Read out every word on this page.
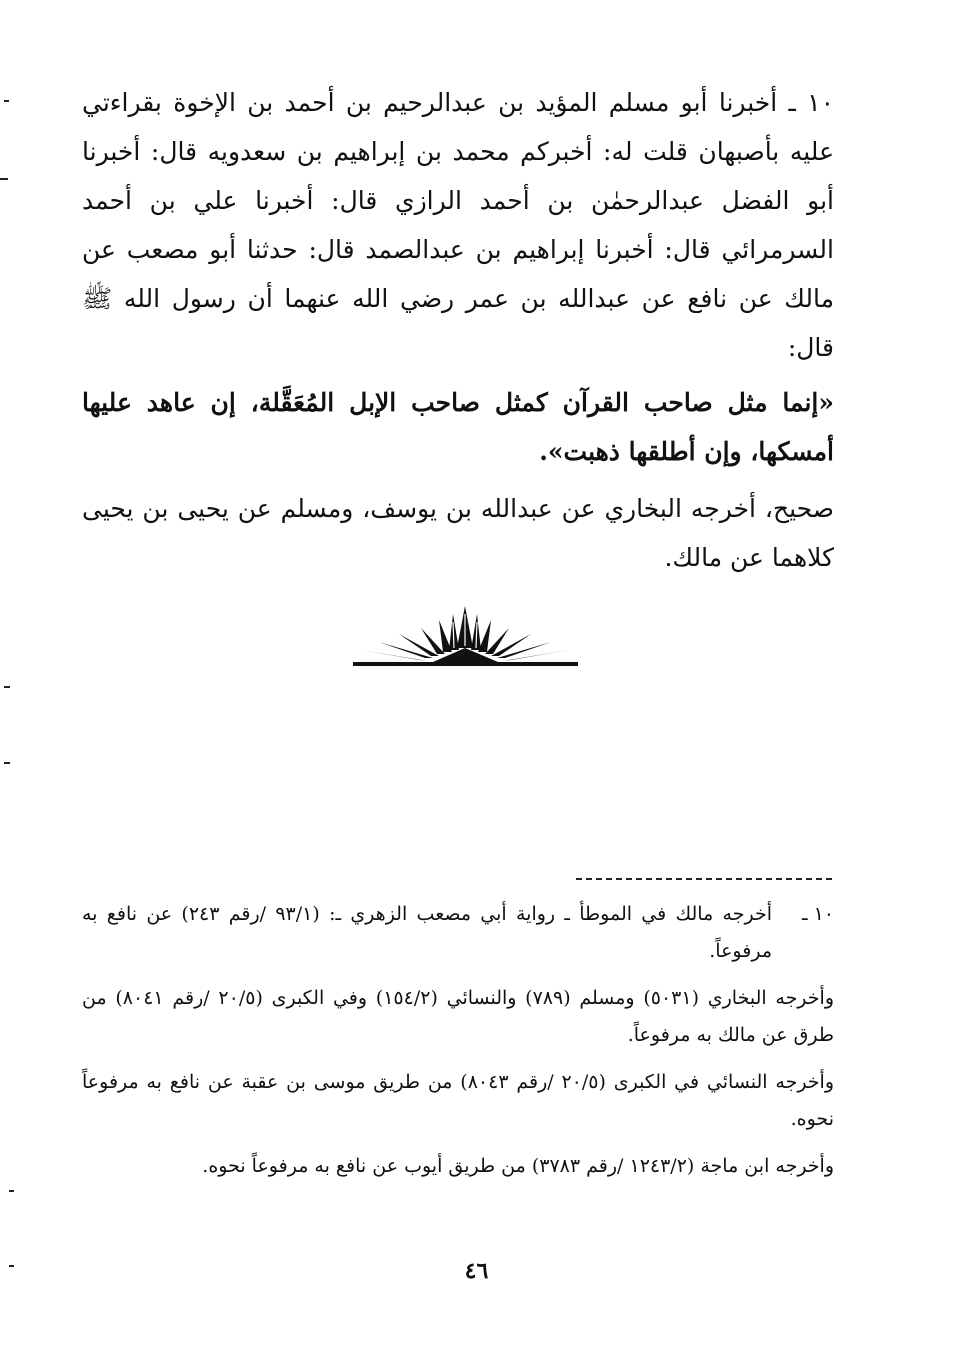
١٠ ـ أخبرنا أبو مسلم المؤيد بن عبدالرحيم بن أحمد بن الإخوة بقراءتي عليه بأصبهان قلت له: أخبركم محمد بن إبراهيم بن سعدويه قال: أخبرنا أبو الفضل عبدالرحمٰن بن أحمد الرازي قال: أخبرنا علي بن أحمد السرمرائي قال: أخبرنا إبراهيم بن عبدالصمد قال: حدثنا أبو مصعب عن مالك عن نافع عن عبدالله بن عمر رضي الله عنهما أن رسول الله ﷺ قال:

«إنما مثل صاحب القرآن كمثل صاحب الإبل المُعَقَّلة، إن عاهد عليها أمسكها، وإن أطلقها ذهبت».

صحيح، أخرجه البخاري عن عبدالله بن يوسف، ومسلم عن يحيى بن يحيى كلاهما عن مالك.

١٠ ـ
أخرجه مالك في الموطأ ـ رواية أبي مصعب الزهري ـ: (٩٣/١ /رقم ٢٤٣) عن نافع به مرفوعاً.
وأخرجه البخاري (٥٠٣١) ومسلم (٧٨٩) والنسائي (١٥٤/٢) وفي الكبرى (٢٠/٥ /رقم ٨٠٤١) من طرق عن مالك به مرفوعاً.
وأخرجه النسائي في الكبرى (٢٠/٥ /رقم ٨٠٤٣) من طريق موسى بن عقبة عن نافع به مرفوعاً نحوه.
وأخرجه ابن ماجة (١٢٤٣/٢ /رقم ٣٧٨٣) من طريق أيوب عن نافع به مرفوعاً نحوه.
٤٦
